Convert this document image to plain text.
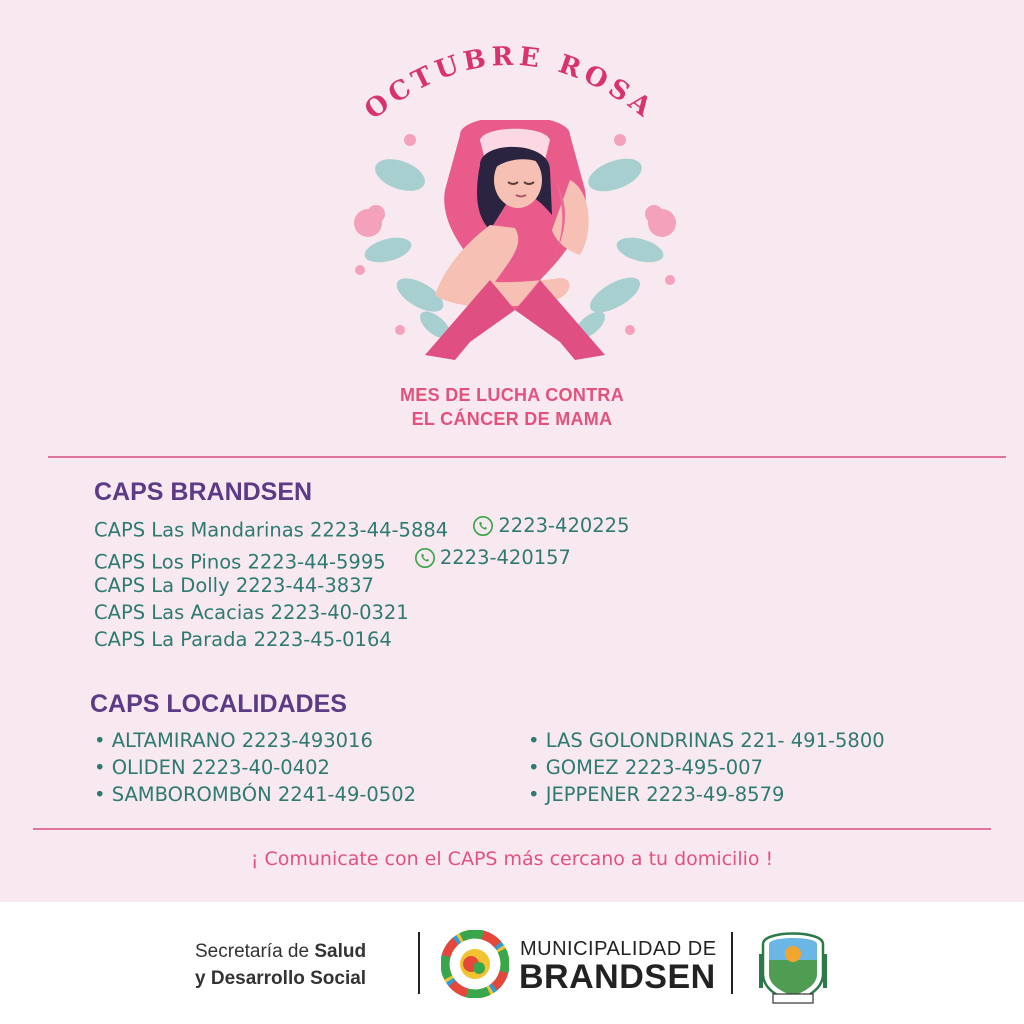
OCTUBRE ROSA
MES DE LUCHA CONTRA
EL CÁNCER DE MAMA
CAPS BRANDSEN
CAPS Las Mandarinas 2223-44-5884	2223-420225
CAPS Los Pinos 2223-44-5995	2223-420157
CAPS La Dolly 2223-44-3837
CAPS Las Acacias 2223-40-0321
CAPS La Parada 2223-45-0164
CAPS LOCALIDADES
• ALTAMIRANO 2223-493016
• OLIDEN 2223-40-0402
• SAMBOROMBÓN 2241-49-0502
• LAS GOLONDRINAS 221- 491-5800
• GOMEZ 2223-495-007
• JEPPENER 2223-49-8579
¡ Comunicate con el CAPS más cercano a tu domicilio !
Secretaría de Salud
y Desarrollo Social
MUNICIPALIDAD DE
BRANDSEN
